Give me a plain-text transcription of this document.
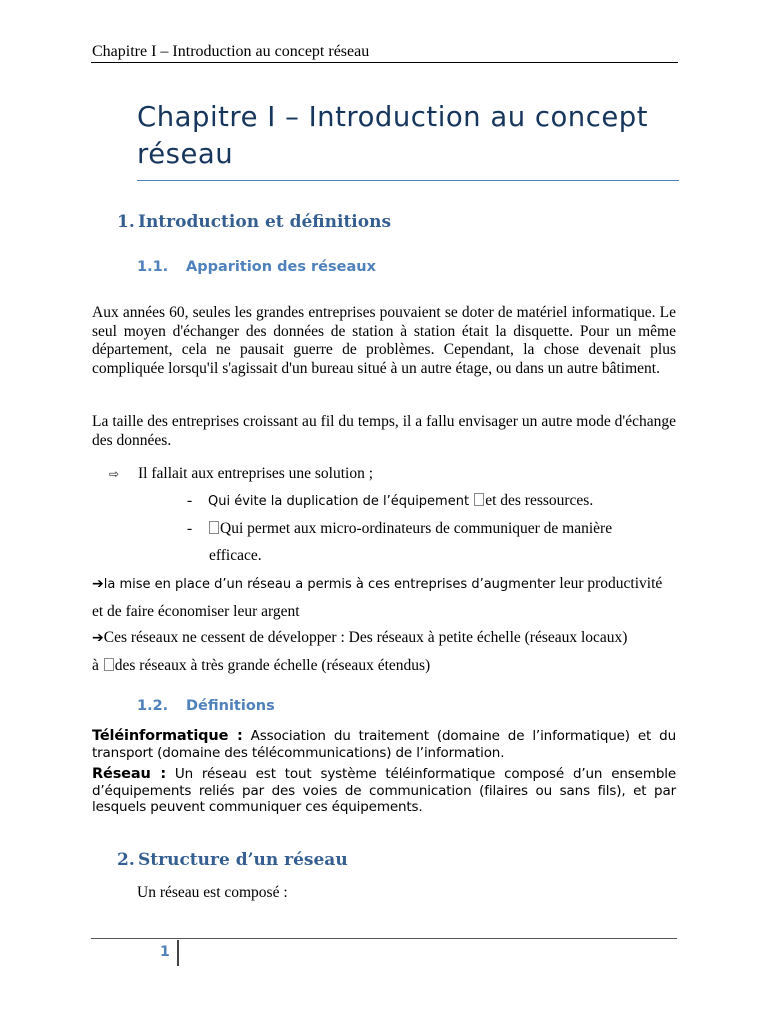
Chapitre I – Introduction au concept réseau
Chapitre I – Introduction au concept
réseau
1. Introduction et définitions
1.1. Apparition des réseaux
Aux années 60, seules les grandes entreprises pouvaient se doter de matériel informatique. Le seul moyen d'échanger des données de station à station était la disquette. Pour un même département, cela ne pausait guerre de problèmes. Cependant, la chose devenait plus compliquée lorsqu'il s'agissait d'un bureau situé à un autre étage, ou dans un autre bâtiment.
La taille des entreprises croissant au fil du temps, il a fallu envisager un autre mode d'échange des données.
⇨ Il fallait aux entreprises une solution ;
- Qui évite la duplication de l’équipement et des ressources.
- Qui permet aux micro-ordinateurs de communiquer de manière
efficace.
➔la mise en place d’un réseau a permis à ces entreprises d’augmenter leur productivité
et de faire économiser leur argent
➔Ces réseaux ne cessent de développer : Des réseaux à petite échelle (réseaux locaux)
à des réseaux à très grande échelle (réseaux étendus)
1.2. Définitions
Téléinformatique : Association du traitement (domaine de l’informatique) et du transport (domaine des télécommunications) de l’information.
Réseau : Un réseau est tout système téléinformatique composé d’un ensemble d’équipements reliés par des voies de communication (filaires ou sans fils), et par lesquels peuvent communiquer ces équipements.
2. Structure d’un réseau
Un réseau est composé :
1
